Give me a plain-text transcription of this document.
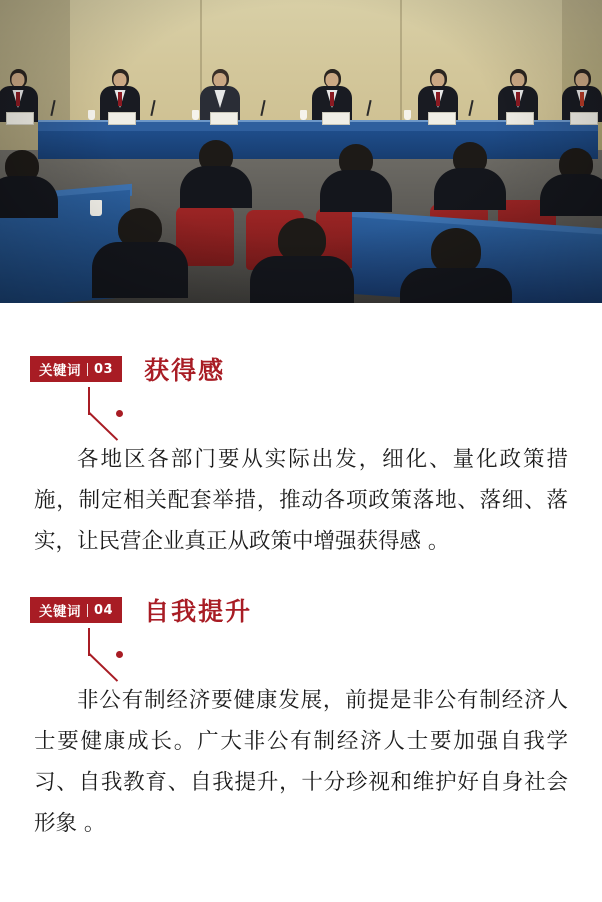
关键词 03 获得感

各地区各部门要从实际出发，细化、量化政策措施，制定相关配套举措，推动各项政策落地、落细、落实，让民营企业真正从政策中增强获得感 。

关键词 04 自我提升

非公有制经济要健康发展，前提是非公有制经济人士要健康成长。广大非公有制经济人士要加强自我学习、自我教育、自我提升，十分珍视和维护好自身社会形象 。
